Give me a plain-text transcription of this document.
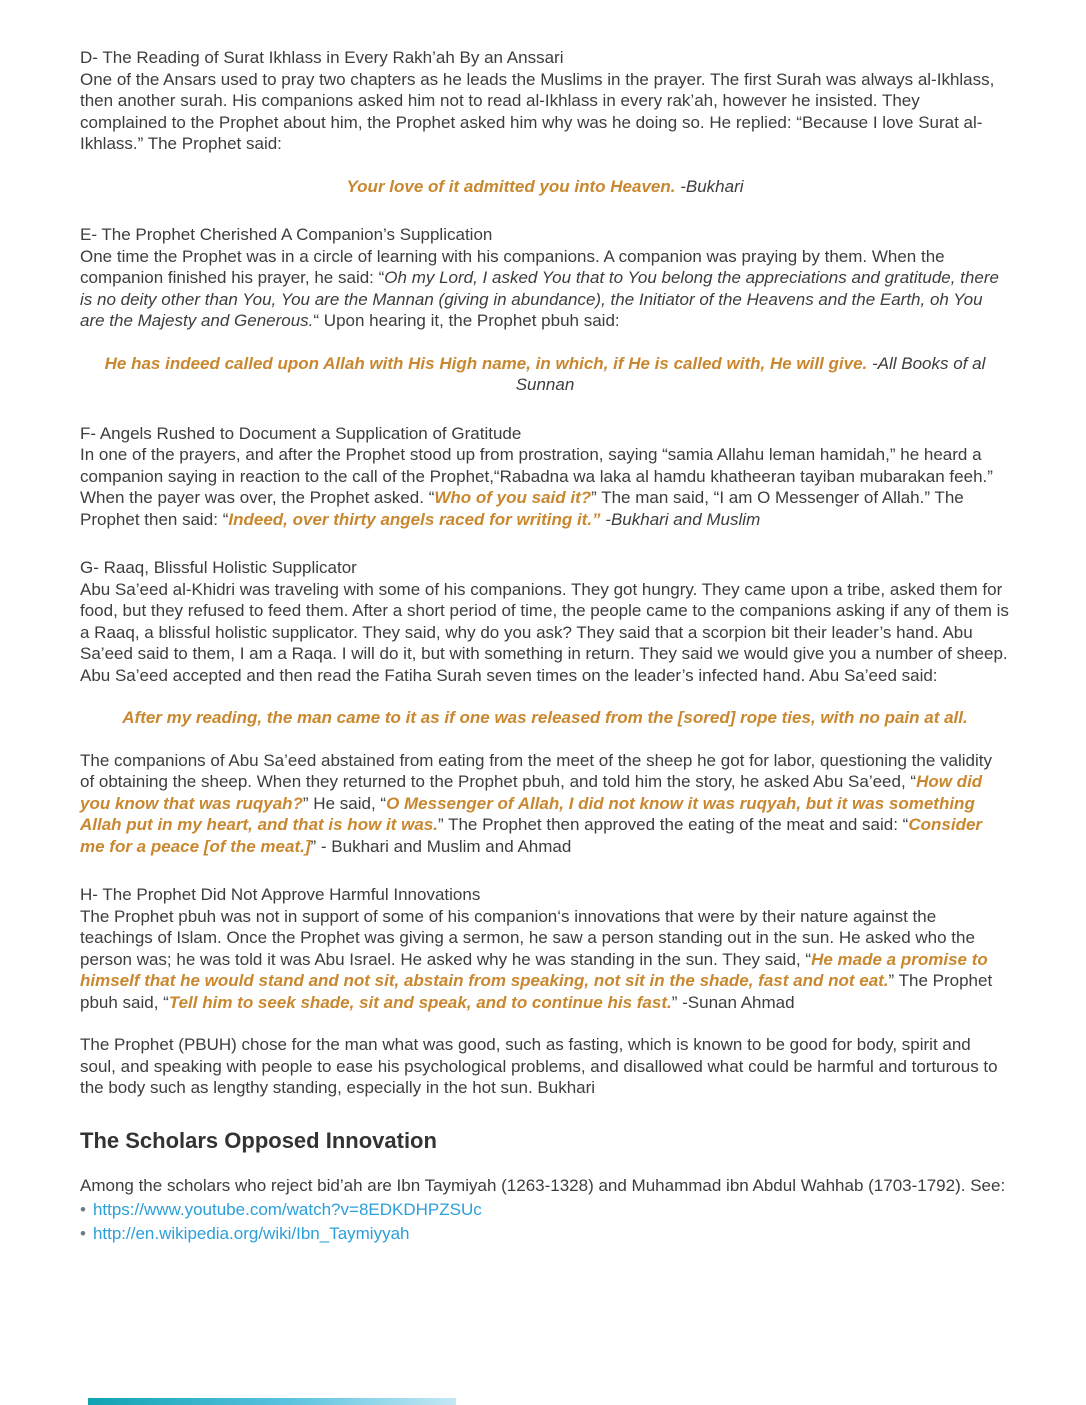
D- The Reading of Surat Ikhlass in Every Rakh’ah By an Anssari

One of the Ansars used to pray two chapters as he leads the Muslims in the prayer. The first Surah was always al-Ikhlass, then another surah. His companions asked him not to read al-Ikhlass in every rak’ah, however he insisted. They complained to the Prophet about him, the Prophet asked him why was he doing so. He replied: “Because I love Surat al-Ikhlass.” The Prophet said:

Your love of it admitted you into Heaven. -Bukhari

E- The Prophet Cherished A Companion’s Supplication

One time the Prophet was in a circle of learning with his companions. A companion was praying by them. When the companion finished his prayer, he said: “Oh my Lord, I asked You that to You belong the appreciations and gratitude, there is no deity other than You, You are the Mannan (giving in abundance), the Initiator of the Heavens and the Earth, oh You are the Majesty and Generous.“ Upon hearing it, the Prophet pbuh said:

He has indeed called upon Allah with His High name, in which, if He is called with, He will give. -All Books of al Sunnan

F- Angels Rushed to Document a Supplication of Gratitude

In one of the prayers, and after the Prophet stood up from prostration, saying “samia Allahu leman hamidah,” he heard a companion saying in reaction to the call of the Prophet,“Rabadna wa laka al hamdu khatheeran tayiban mubarakan feeh.” When the payer was over, the Prophet asked. “Who of you said it?” The man said, “I am O Messenger of Allah.” The Prophet then said: “Indeed, over thirty angels raced for writing it.” -Bukhari and Muslim

G- Raaq, Blissful Holistic Supplicator

Abu Sa’eed al-Khidri was traveling with some of his companions. They got hungry. They came upon a tribe, asked them for food, but they refused to feed them. After a short period of time, the people came to the companions asking if any of them is a Raaq, a blissful holistic supplicator. They said, why do you ask? They said that a scorpion bit their leader’s hand. Abu Sa’eed said to them, I am a Raqa. I will do it, but with something in return. They said we would give you a number of sheep. Abu Sa’eed accepted and then read the Fatiha Surah seven times on the leader’s infected hand. Abu Sa’eed said:

After my reading, the man came to it as if one was released from the [sored] rope ties, with no pain at all.

The companions of Abu Sa’eed abstained from eating from the meet of the sheep he got for labor, questioning the validity of obtaining the sheep. When they returned to the Prophet pbuh, and told him the story, he asked Abu Sa’eed, “How did you know that was ruqyah?” He said, “O Messenger of Allah, I did not know it was ruqyah, but it was something Allah put in my heart, and that is how it was.” The Prophet then approved the eating of the meat and said: “Consider me for a peace [of the meat.]” - Bukhari and Muslim and Ahmad

H- The Prophet Did Not Approve Harmful Innovations

The Prophet pbuh was not in support of some of his companion‘s innovations that were by their nature against the teachings of Islam. Once the Prophet was giving a sermon, he saw a person standing out in the sun. He asked who the person was; he was told it was Abu Israel. He asked why he was standing in the sun. They said, “He made a promise to himself that he would stand and not sit, abstain from speaking, not sit in the shade, fast and not eat.” The Prophet pbuh said, “Tell him to seek shade, sit and speak, and to continue his fast.” -Sunan Ahmad

The Prophet (PBUH) chose for the man what was good, such as fasting, which is known to be good for body, spirit and soul, and speaking with people to ease his psychological problems, and disallowed what could be harmful and torturous to the body such as lengthy standing, especially in the hot sun. Bukhari

The Scholars Opposed Innovation

Among the scholars who reject bid’ah are Ibn Taymiyah (1263-1328) and Muhammad ibn Abdul Wahhab (1703-1792). See:

• https://www.youtube.com/watch?v=8EDKDHPZSUc
• http://en.wikipedia.org/wiki/Ibn_Taymiyyah
